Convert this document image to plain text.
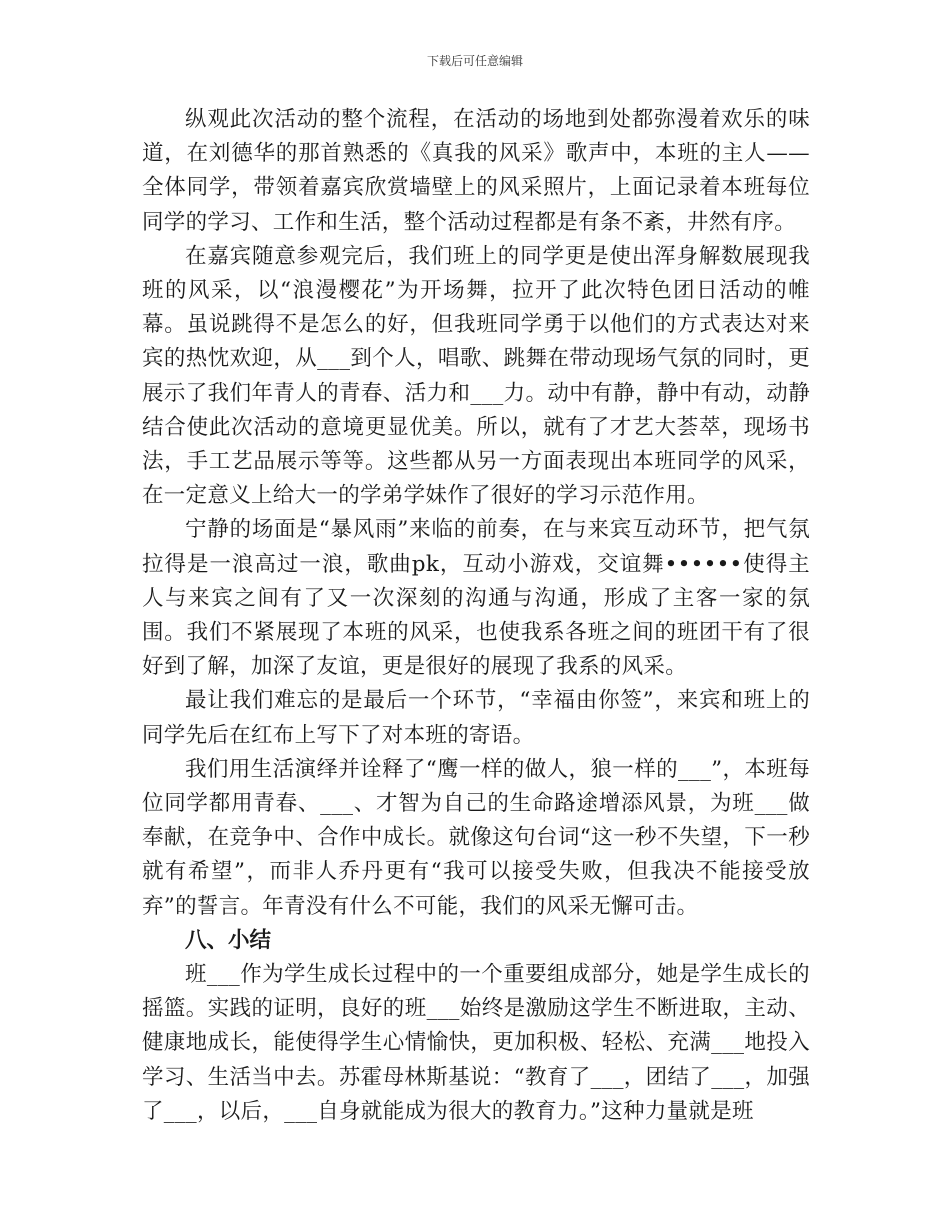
下载后可任意编辑

纵观此次活动的整个流程，在活动的场地到处都弥漫着欢乐的味道，在刘德华的那首熟悉的《真我的风采》歌声中，本班的主人——全体同学，带领着嘉宾欣赏墙壁上的风采照片，上面记录着本班每位同学的学习、工作和生活，整个活动过程都是有条不紊，井然有序。

在嘉宾随意参观完后，我们班上的同学更是使出浑身解数展现我班的风采，以“浪漫樱花”为开场舞，拉开了此次特色团日活动的帷幕。虽说跳得不是怎么的好，但我班同学勇于以他们的方式表达对来宾的热忱欢迎，从___到个人，唱歌、跳舞在带动现场气氛的同时，更展示了我们年青人的青春、活力和___力。动中有静，静中有动，动静结合使此次活动的意境更显优美。所以，就有了才艺大荟萃，现场书法，手工艺品展示等等。这些都从另一方面表现出本班同学的风采，在一定意义上给大一的学弟学妹作了很好的学习示范作用。

宁静的场面是“暴风雨”来临的前奏，在与来宾互动环节，把气氛拉得是一浪高过一浪，歌曲pk，互动小游戏，交谊舞••••••使得主人与来宾之间有了又一次深刻的沟通与沟通，形成了主客一家的氛围。我们不紧展现了本班的风采，也使我系各班之间的班团干有了很好到了解，加深了友谊，更是很好的展现了我系的风采。

最让我们难忘的是最后一个环节，“幸福由你签”，来宾和班上的同学先后在红布上写下了对本班的寄语。

我们用生活演绎并诠释了“鹰一样的做人，狼一样的___”，本班每位同学都用青春、___、才智为自己的生命路途增添风景，为班___做奉献，在竞争中、合作中成长。就像这句台词“这一秒不失望，下一秒就有希望”，而非人乔丹更有“我可以接受失败，但我决不能接受放弃”的誓言。年青没有什么不可能，我们的风采无懈可击。

八、小结

班___作为学生成长过程中的一个重要组成部分，她是学生成长的摇篮。实践的证明，良好的班___始终是激励这学生不断进取，主动、健康地成长，能使得学生心情愉快，更加积极、轻松、充满___地投入学习、生活当中去。苏霍母林斯基说：“教育了___，团结了___，加强了___，以后，___自身就能成为很大的教育力。”这种力量就是班
